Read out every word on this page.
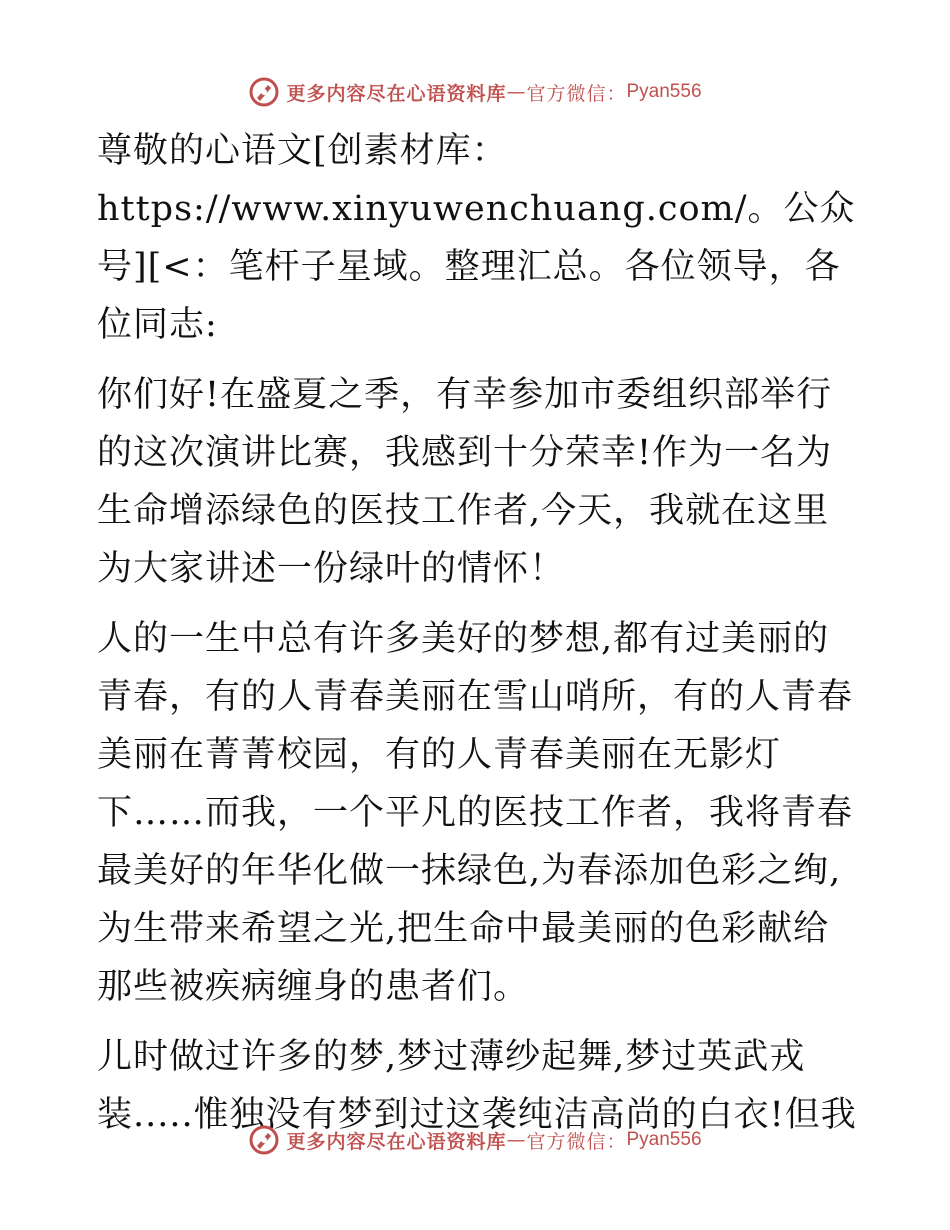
更多内容尽在心语资料库 — 官方微信： Pyan556

尊敬的心语文[创素材库：https://www.xinyuwenchuang.com/。公众号][<：笔杆子星域。整理汇总。各位领导，各位同志:

你们好!在盛夏之季，有幸参加市委组织部举行的这次演讲比赛，我感到十分荣幸!作为一名为生命增添绿色的医技工作者,今天，我就在这里为大家讲述一份绿叶的情怀！

人的一生中总有许多美好的梦想,都有过美丽的青春，有的人青春美丽在雪山哨所，有的人青春美丽在菁菁校园，有的人青春美丽在无影灯下……而我，一个平凡的医技工作者，我将青春最美好的年华化做一抹绿色,为春添加色彩之绚,为生带来希望之光,把生命中最美丽的色彩献给那些被疾病缠身的患者们。

儿时做过许多的梦,梦过薄纱起舞,梦过英武戎装.....惟独没有梦到过这袭纯洁高尚的白衣!但我

更多内容尽在心语资料库 — 官方微信： Pyan556
